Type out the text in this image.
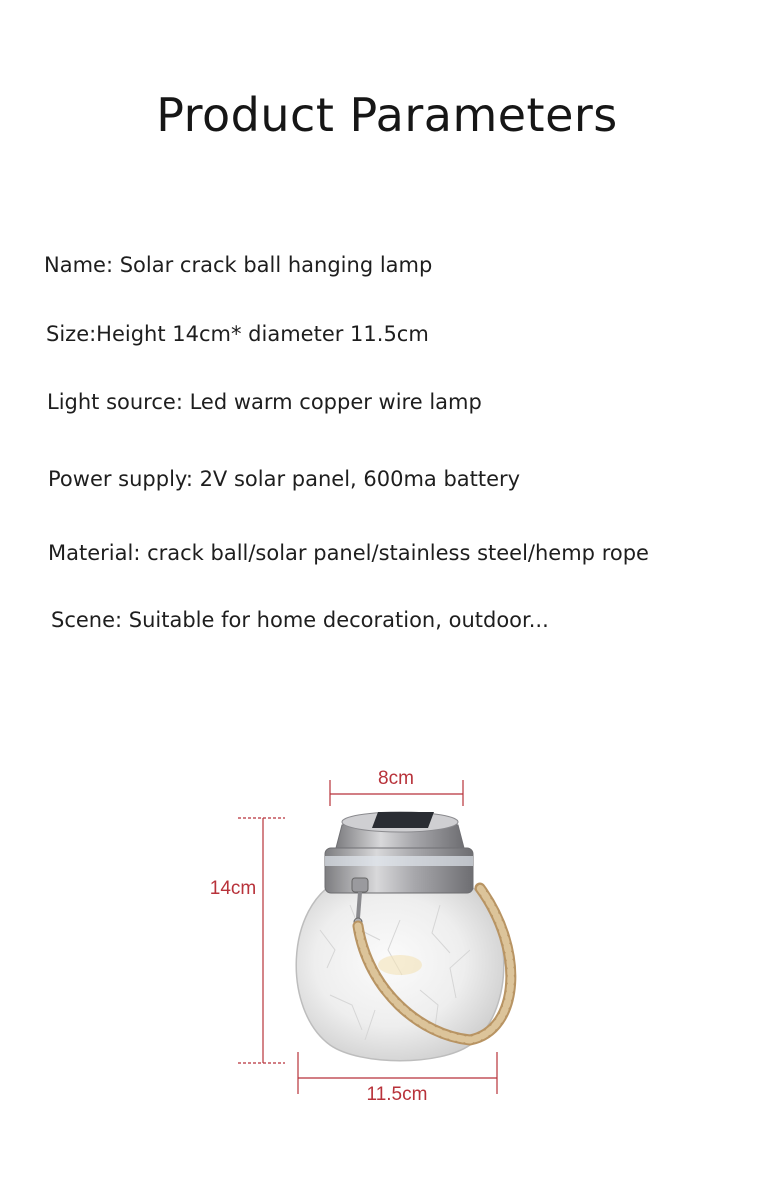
Product Parameters
Name: Solar crack ball hanging lamp
Size:Height 14cm* diameter 11.5cm
Light source: Led warm copper wire lamp
Power supply: 2V solar panel, 600ma battery
Material: crack ball/solar panel/stainless steel/hemp rope
Scene: Suitable for home decoration, outdoor...
8cm
14cm
11.5cm
